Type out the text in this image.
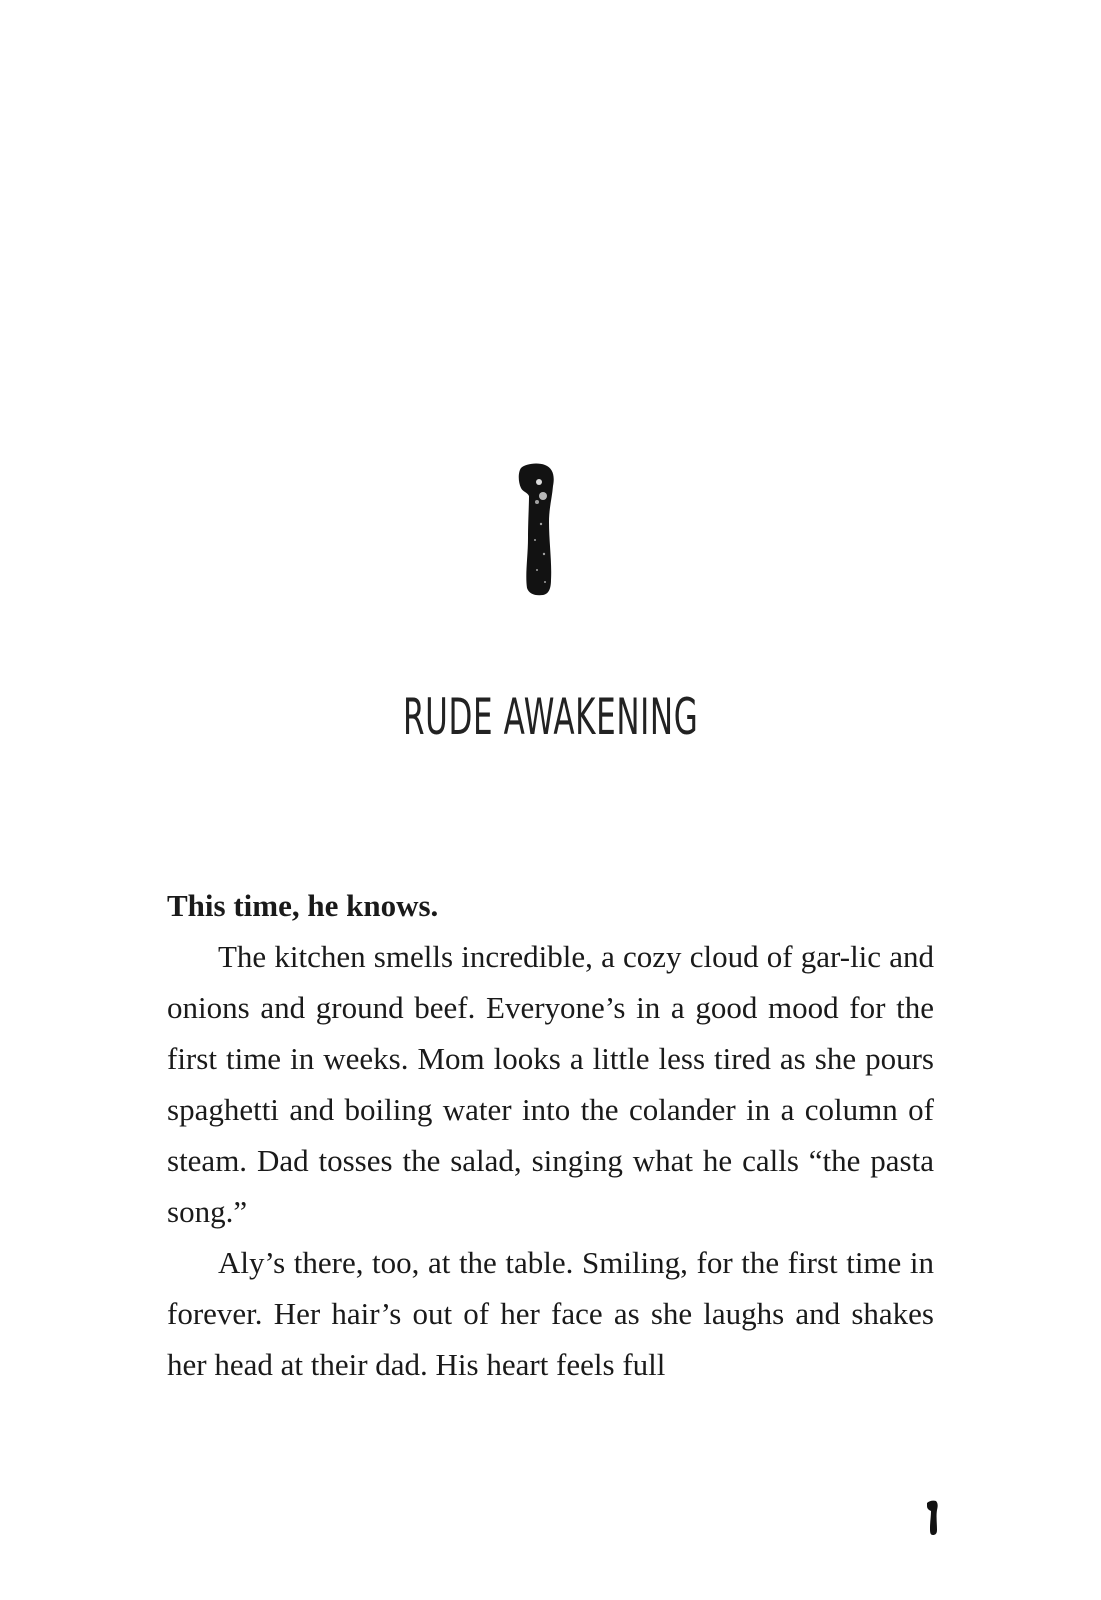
RUDE AWAKENING

This time, he knows.

The kitchen smells incredible, a cozy cloud of gar-lic and onions and ground beef. Everyone’s in a good mood for the first time in weeks. Mom looks a little less tired as she pours spaghetti and boiling water into the colander in a column of steam. Dad tosses the salad, singing what he calls “the pasta song.”

Aly’s there, too, at the table. Smiling, for the first time in forever. Her hair’s out of her face as she laughs and shakes her head at their dad. His heart feels full
